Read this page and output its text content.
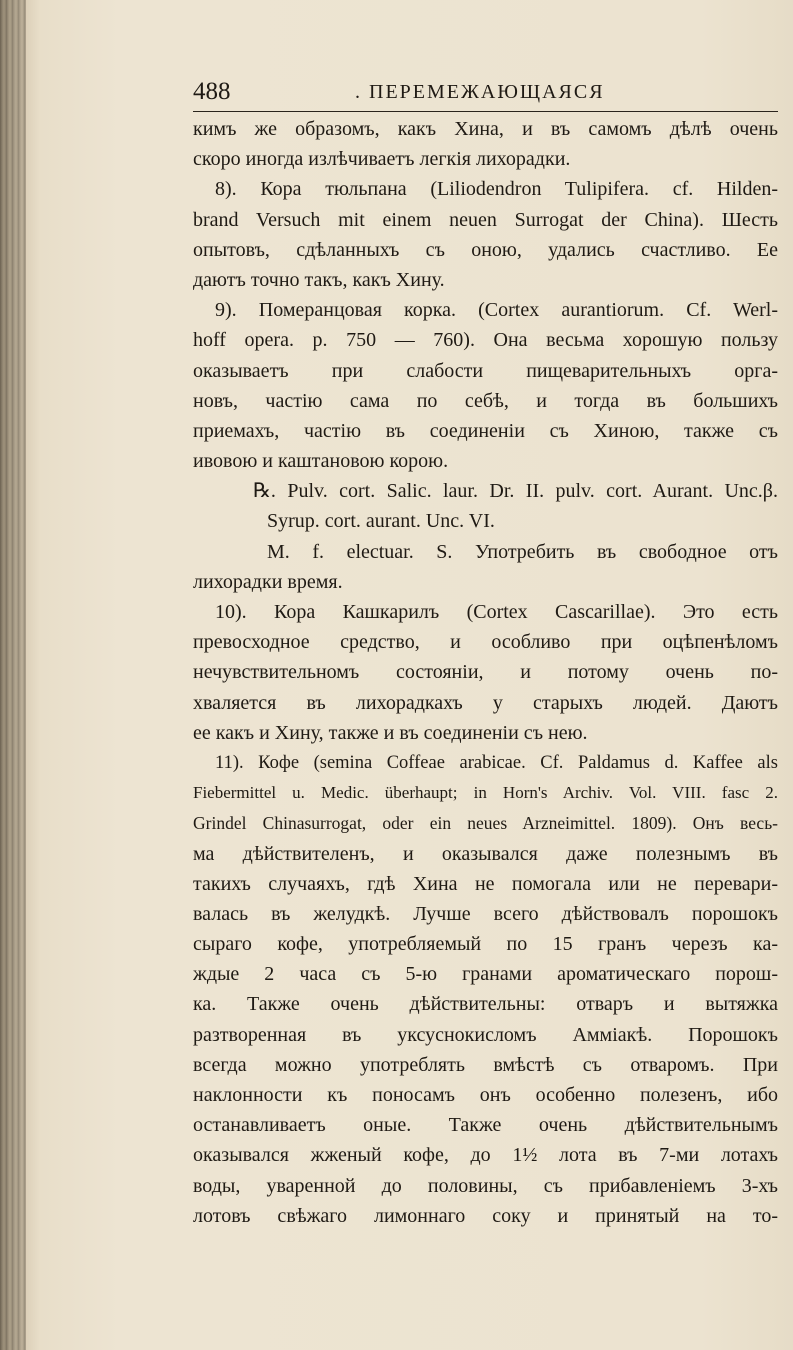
488	. ПЕРЕМЕЖАЮЩАЯСЯ
кимъ же образомъ, какъ Хина, и въ самомъ дѣлѣ очень
скоро иногда излѣчиваетъ легкія лихорадки.
8). Кора тюльпана (Liliodendron Tulipifera. cf. Hilden-
brand Versuch mit einem neuen Surrogat der China). Шесть
опытовъ, сдѣланныхъ съ оною, удались счастливо. Ее
даютъ точно такъ, какъ Хину.
9). Померанцовая корка. (Cortex aurantiorum. Cf. Werl-
hoff opera. p. 750 — 760). Она весьма хорошую пользу
оказываетъ при слабости пищеварительныхъ орга-
новъ, частію сама по себѣ, и тогда въ большихъ
приемахъ, частію въ соединеніи съ Хиною, также съ
ивовою и каштановою корою.
℞. Pulv. cort. Salic. laur. Dr. II. pulv. cort. Aurant. Unc.β.
Syrup. cort. aurant. Unc. VI.
M. f. electuar. S. Употребить въ свободное отъ
лихорадки время.
10). Кора Кашкарилъ (Cortex Cascarillae). Это есть
превосходное средство, и особливо при оцѣпенѣломъ
нечувствительномъ состояніи, и потому очень по-
хваляется въ лихорадкахъ у старыхъ людей. Даютъ
ее какъ и Хину, также и въ соединеніи съ нею.
11). Кофе (semina Coffeae arabicae. Cf. Paldamus d. Kaffee als
Fiebermittel u. Medic. überhaupt; in Horn's Archiv. Vol. VIII. fasc 2.
Grindel Chinasurrogat, oder ein neues Arzneimittel. 1809). Онъ весь-
ма дѣйствителенъ, и оказывался даже полезнымъ въ
такихъ случаяхъ, гдѣ Хина не помогала или не перевари-
валась въ желудкѣ. Лучше всего дѣйствовалъ порошокъ
сыраго кофе, употребляемый по 15 гранъ черезъ ка-
ждые 2 часа съ 5-ю гранами ароматическаго порош-
ка. Также очень дѣйствительны: отваръ и вытяжка
разтворенная въ уксуснокисломъ Амміакѣ. Порошокъ
всегда можно употреблять вмѣстѣ съ отваромъ. При
наклонности къ поносамъ онъ особенно полезенъ, ибо
останавливаетъ оные. Также очень дѣйствительнымъ
оказывался жженый кофе, до 1½ лота въ 7-ми лотахъ
воды, уваренной до половины, съ прибавленіемъ 3-хъ
лотовъ свѣжаго лимоннаго соку и принятый на то-
